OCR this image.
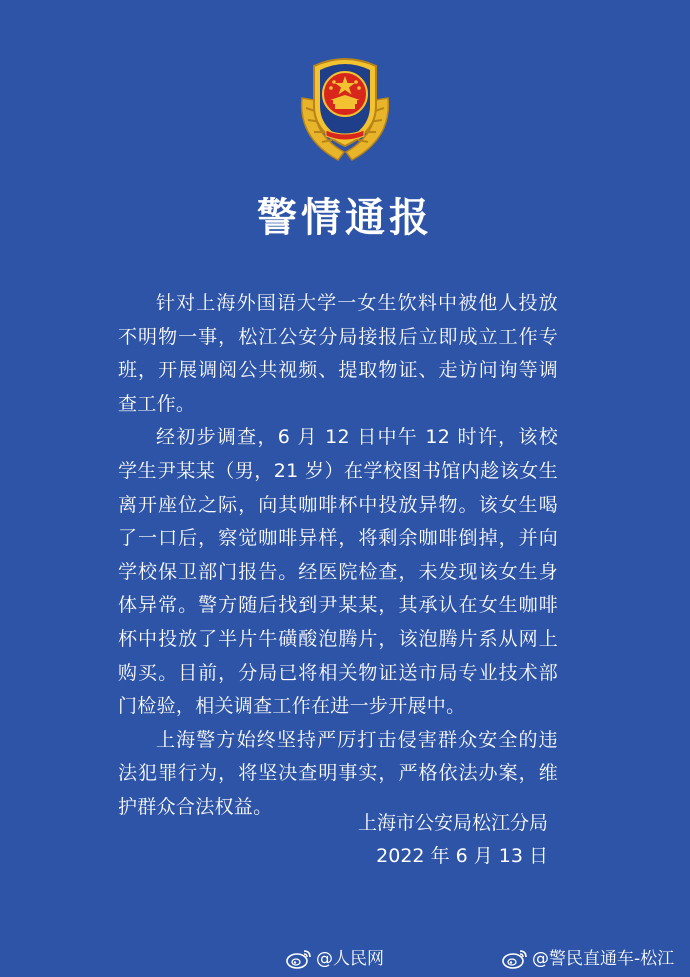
警情通报

针对上海外国语大学一女生饮料中被他人投放不明物一事，松江公安分局接报后立即成立工作专班，开展调阅公共视频、提取物证、走访问询等调查工作。

经初步调查，6 月 12 日中午 12 时许，该校学生尹某某（男，21 岁）在学校图书馆内趁该女生离开座位之际，向其咖啡杯中投放异物。该女生喝了一口后，察觉咖啡异样，将剩余咖啡倒掉，并向学校保卫部门报告。经医院检查，未发现该女生身体异常。警方随后找到尹某某，其承认在女生咖啡杯中投放了半片牛磺酸泡腾片，该泡腾片系从网上购买。目前，分局已将相关物证送市局专业技术部门检验，相关调查工作在进一步开展中。

上海警方始终坚持严厉打击侵害群众安全的违法犯罪行为，将坚决查明事实，严格依法办案，维护群众合法权益。

上海市公安局松江分局
2022 年 6 月 13 日
@人民网	@警民直通车-松江
